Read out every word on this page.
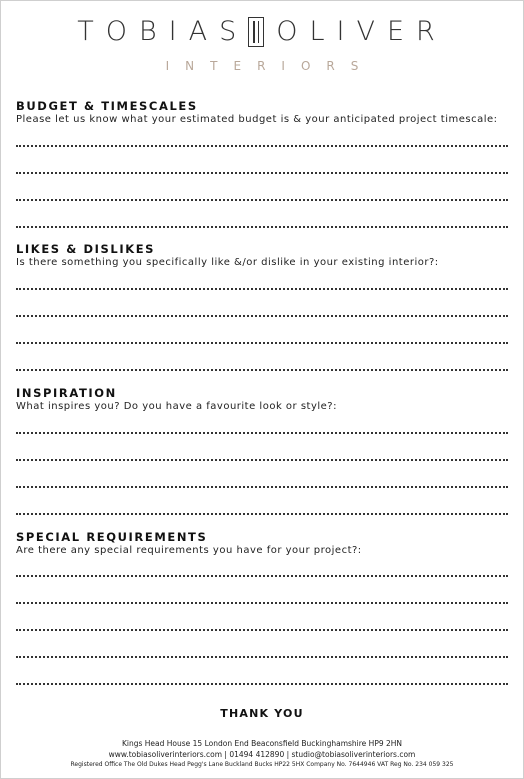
TOBIAS OLIVER
INTERIORS
BUDGET & TIMESCALES
Please let us know what your estimated budget is & your anticipated project timescale:
LIKES & DISLIKES
Is there something you specifically like &/or dislike in your existing interior?:
INSPIRATION
What inspires you? Do you have a favourite look or style?:
SPECIAL REQUIREMENTS
Are there any special requirements you have for your project?:
THANK YOU
Kings Head House 15 London End Beaconsfield Buckinghamshire HP9 2HN
www.tobiasoliverinteriors.com | 01494 412890 | studio@tobiasoliverinteriors.com
Registered Office The Old Dukes Head Pegg's Lane Buckland Bucks HP22 5HX Company No. 7644946 VAT Reg No. 234 059 325
